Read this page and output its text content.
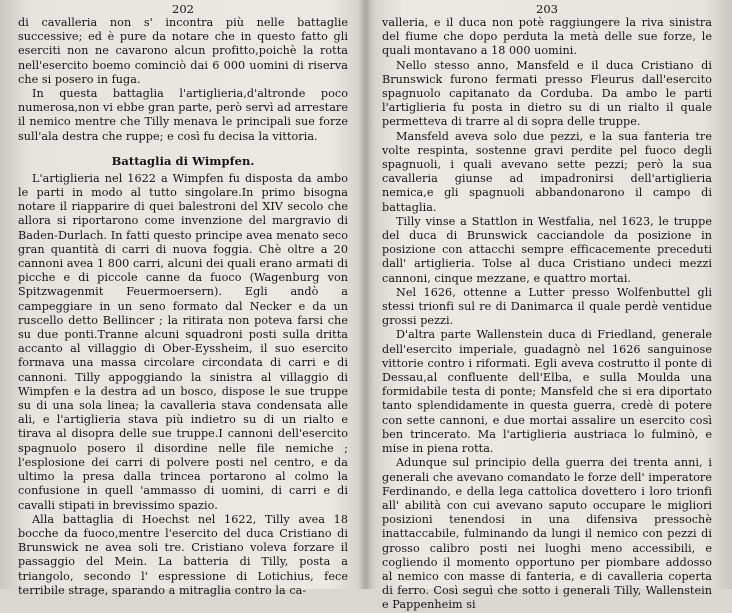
202

di cavalleria non s' incontra più nelle battaglie successive; ed è pure da notare che in questo fatto gli eserciti non ne cavarono alcun profitto,poichè la rotta nell'esercito boemo cominciò dai 6 000 uomini di riserva che si posero in fuga.

In questa battaglia l'artiglieria,d'altronde poco numerosa,non vi ebbe gran parte, però servì ad arrestare il nemico mentre che Tilly menava le principali sue forze sull'ala destra che ruppe; e così fu decisa la vittoria.

Battaglia di Wimpfen.

L'artiglieria nel 1622 a Wimpfen fu disposta da ambo le parti in modo al tutto singolare.In primo bisogna notare il riapparire di quei balestroni del XIV secolo che allora si riportarono come invenzione del margravio di Baden-Durlach. In fatti questo principe avea menato seco gran quantità di carri di nuova foggia. Chè oltre a 20 cannoni avea 1 800 carri, alcuni dei quali erano armati di picche e di piccole canne da fuoco (Wagenburg von Spitzwagenmit Feuermoersern). Egli andò a campeggiare in un seno formato dal Necker e da un ruscello detto Bellincer ; la ritirata non poteva farsi che su due ponti.Tranne alcuni squadroni posti sulla dritta accanto al villaggio di Ober-Eyssheim, il suo esercito formava una massa circolare circondata di carri e di cannoni. Tilly appoggiando la sinistra al villaggio di Wimpfen e la destra ad un bosco, dispose le sue truppe su di una sola linea; la cavalleria stava condensata alle ali, e l'artiglieria stava più indietro su di un rialto e tirava al disopra delle sue truppe.I cannoni dell'esercito spagnuolo posero il disordine nelle file nemiche ; l'esplosione dei carri di polvere posti nel centro, e da ultimo la presa dalla trincea portarono al colmo la confusione in quell 'ammasso di uomini, di carri e di cavalli stipati in brevissimo spazio.

Alla battaglia di Hoechst nel 1622, Tilly avea 18 bocche da fuoco,mentre l'esercito del duca Cristiano di Brunswick ne avea soli tre. Cristiano voleva forzare il passaggio del Mein. La batteria di Tilly, posta a triangolo, secondo l' espressione di Lotichius, fece terribile strage, sparando a mitraglia contro la ca-

203

valleria, e il duca non potè raggiungere la riva sinistra del fiume che dopo perduta la metà delle sue forze, le quali montavano a 18 000 uomini.

Nello stesso anno, Mansfeld e il duca Cristiano di Brunswick furono fermati presso Fleurus dall'esercito spagnuolo capitanato da Corduba. Da ambo le parti l'artiglieria fu posta in dietro su di un rialto il quale permetteva di trarre al di sopra delle truppe.

Mansfeld aveva solo due pezzi, e la sua fanteria tre volte respinta, sostenne gravi perdite pel fuoco degli spagnuoli, i quali avevano sette pezzi; però la sua cavalleria giunse ad impadronirsi dell'artiglieria nemica,e gli spagnuoli abbandonarono il campo di battaglia.

Tilly vinse a Stattlon in Westfalia, nel 1623, le truppe del duca di Brunswick cacciandole da posizione in posizione con attacchi sempre efficacemente preceduti dall' artiglieria. Tolse al duca Cristiano undeci mezzi cannoni, cinque mezzane, e quattro mortai.

Nel 1626, ottenne a Lutter presso Wolfenbuttel gli stessi trionfi sul re di Danimarca il quale perdè ventidue grossi pezzi.

D'altra parte Wallenstein duca di Friedland, generale dell'esercito imperiale, guadagnò nel 1626 sanguinose vittorie contro i riformati. Egli aveva costrutto il ponte di Dessau,al confluente dell'Elba, e sulla Moulda una formidabile testa di ponte; Mansfeld che si era diportato tanto splendidamente in questa guerra, credè di potere con sette cannoni, e due mortai assalire un esercito così ben trincerato. Ma l'artiglieria austriaca lo fulminò, e mise in piena rotta.

Adunque sul principio della guerra dei trenta anni, i generali che avevano comandato le forze dell' imperatore Ferdinando, e della lega cattolica dovettero i loro trionfi all' abilità con cui avevano saputo occupare le migliori posizioni tenendosi in una difensiva pressochè inattaccabile, fulminando da lungi il nemico con pezzi di grosso calibro posti nei luoghi meno accessibili, e cogliendo il momento opportuno per piombare addosso al nemico con masse di fanteria, e di cavalleria coperta di ferro. Così seguì che sotto i generali Tilly, Wallenstein e Pappenheim si
